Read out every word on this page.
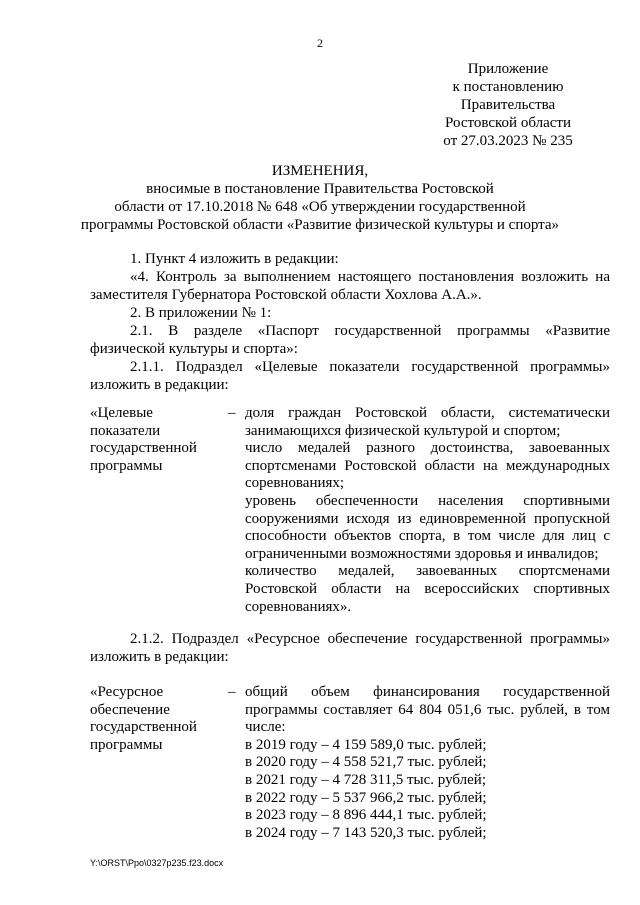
2
Приложение
к постановлению
Правительства
Ростовской области
от 27.03.2023 № 235
ИЗМЕНЕНИЯ,
вносимые в постановление Правительства Ростовской
области от 17.10.2018 № 648 «Об утверждении государственной
программы Ростовской области «Развитие физической культуры и спорта»

1. Пункт 4 изложить в редакции:

«4. Контроль за выполнением настоящего постановления возложить на заместителя Губернатора Ростовской области Хохлова А.А.».

2. В приложении № 1:

2.1. В разделе «Паспорт государственной программы «Развитие физической культуры и спорта»:

2.1.1. Подраздел «Целевые показатели государственной программы» изложить в редакции:

«Целевые показатели государственной программы
– доля граждан Ростовской области, систематически занимающихся физической культурой и спортом;

число медалей разного достоинства, завоеванных спортсменами Ростовской области на международных соревнованиях;

уровень обеспеченности населения спортивными сооружениями исходя из единовременной пропускной способности объектов спорта, в том числе для лиц с ограниченными возможностями здоровья и инвалидов;

количество медалей, завоеванных спортсменами Ростовской области на всероссийских спортивных соревнованиях».

2.1.2. Подраздел «Ресурсное обеспечение государственной программы» изложить в редакции:

«Ресурсное обеспечение государственной программы
– общий объем финансирования государственной программы составляет 64 804 051,6 тыс. рублей, в том числе:

в 2019 году – 4 159 589,0 тыс. рублей;

в 2020 году – 4 558 521,7 тыс. рублей;

в 2021 году – 4 728 311,5 тыс. рублей;

в 2022 году – 5 537 966,2 тыс. рублей;

в 2023 году – 8 896 444,1 тыс. рублей;

в 2024 году – 7 143 520,3 тыс. рублей;

Y:\ORST\Ppo\0327p235.f23.docx
